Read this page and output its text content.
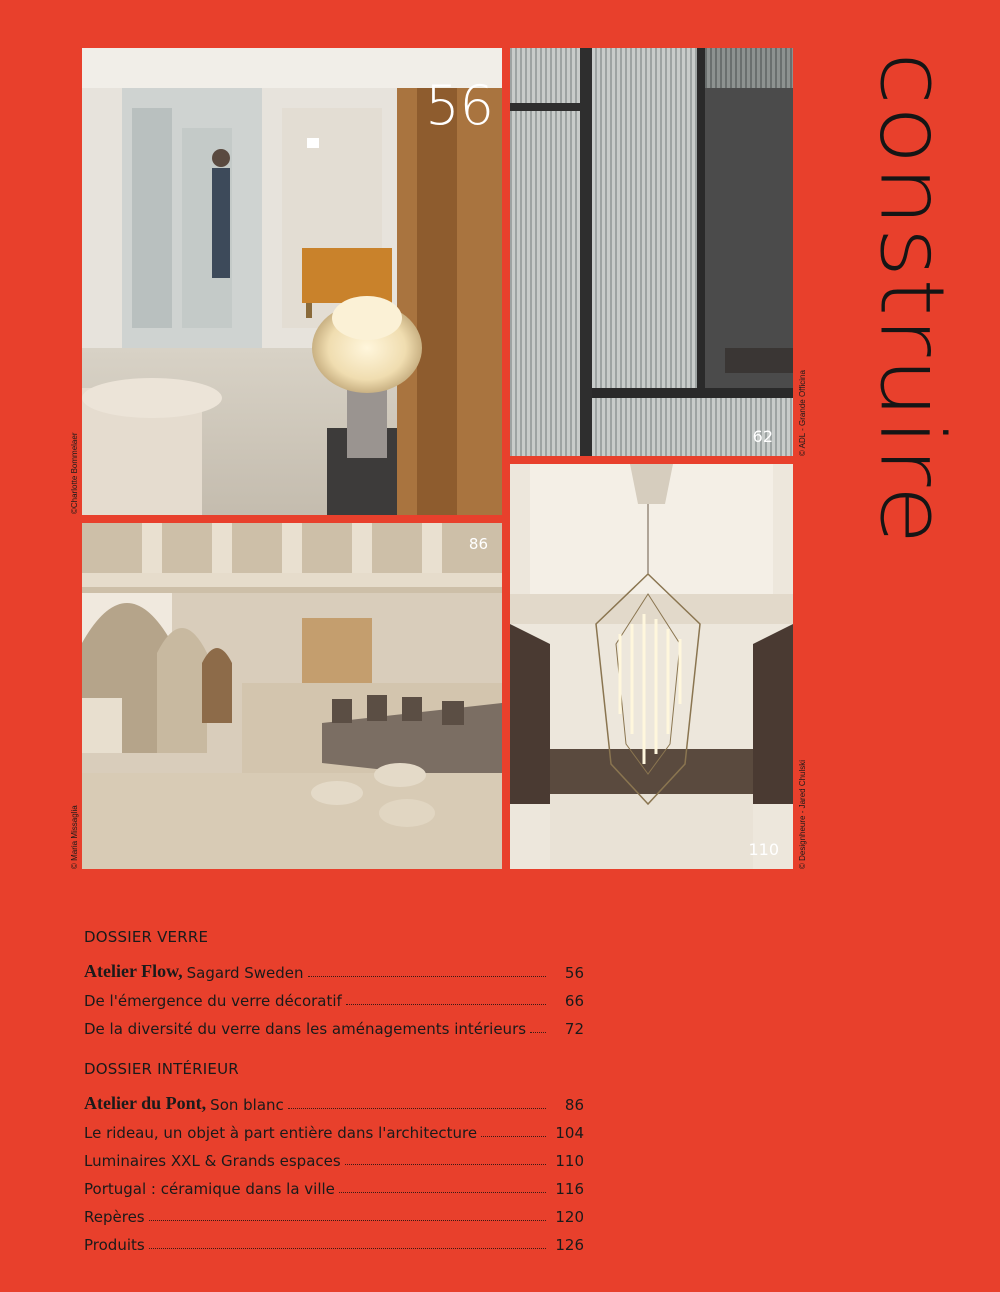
construire
56
©Charlotte Bommelaer	62	© ADL - Grande Officina
86
© Maria Missaglia	110 © Designheure - Jared Chulski
DOSSIER VERRE
Atelier Flow, Sagard Sweden	56
De l'émergence du verre décoratif	66
De la diversité du verre dans les aménagements intérieurs	72
DOSSIER INTÉRIEUR
Atelier du Pont, Son blanc	86
Le rideau, un objet à part entière dans l'architecture	104
Luminaires XXL & Grands espaces	110
Portugal : céramique dans la ville	116
Repères	120
Produits	126
